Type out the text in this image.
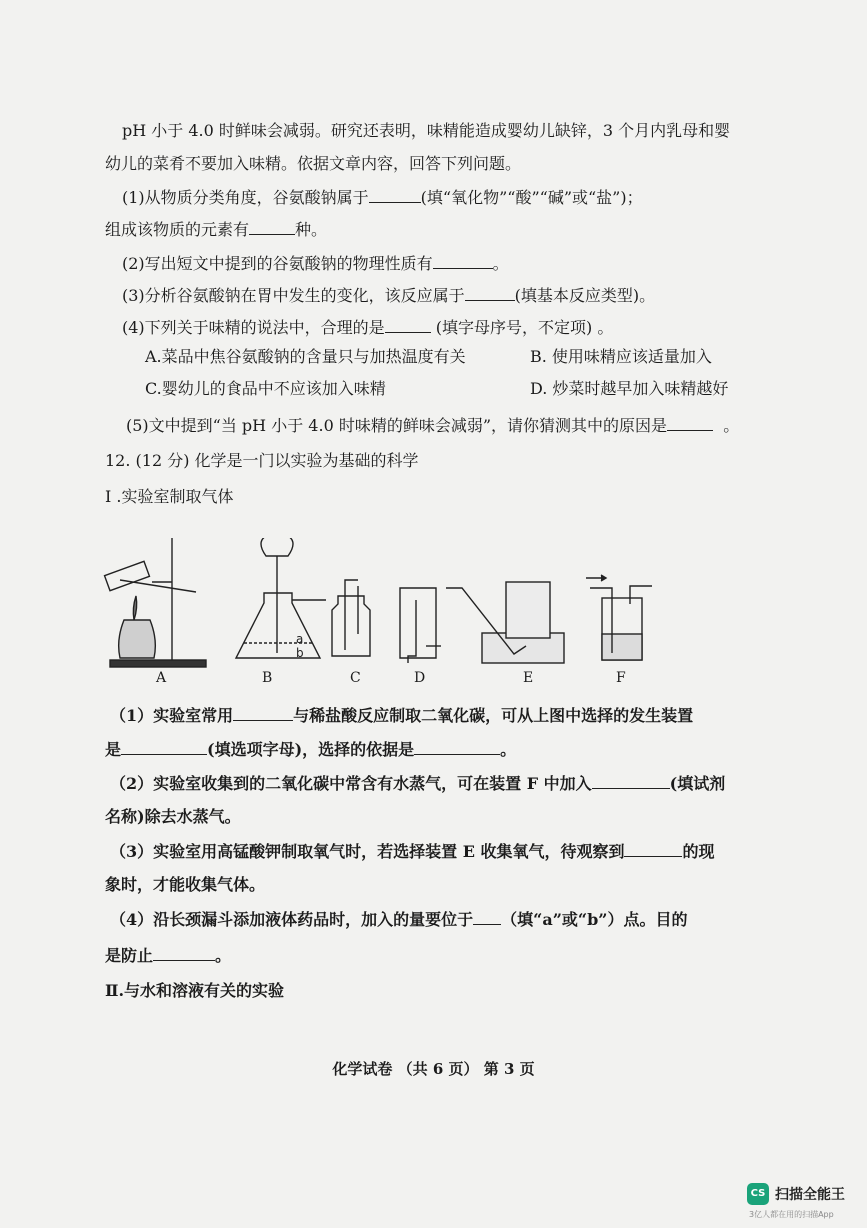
pH 小于 4.0 时鲜味会减弱。研究还表明，味精能造成婴幼儿缺锌，3 个月内乳母和婴
幼儿的菜肴不要加入味精。依据文章内容，回答下列问题。
(1)从物质分类角度，谷氨酸钠属于	(填“氧化物”“酸”“碱”或“盐”)；
组成该物质的元素有	种。
(2)写出短文中提到的谷氨酸钠的物理性质有	。
(3)分析谷氨酸钠在胃中发生的变化，该反应属于	(填基本反应类型)。
(4)下列关于味精的说法中，合理的是	(填字母序号，不定项) 。
A.菜品中焦谷氨酸钠的含量只与加热温度有关	B. 使用味精应该适量加入
C.婴幼儿的食品中不应该加入味精	D. 炒菜时越早加入味精越好
(5)文中提到“当 pH 小于 4.0 时味精的鲜味会减弱”，请你猜测其中的原因是	。
12. (12 分) 化学是一门以实验为基础的科学
I .实验室制取气体
a
b
A	B	C	D	E	F
（1）实验室常用	与稀盐酸反应制取二氧化碳，可从上图中选择的发生装置
是	(填选项字母)，选择的依据是	。
（2）实验室收集到的二氧化碳中常含有水蒸气，可在装置 F 中加入	(填试剂
名称)除去水蒸气。
（3）实验室用高锰酸钾制取氧气时，若选择装置 E 收集氧气，待观察到	的现
象时，才能收集气体。
（4）沿长颈漏斗添加液体药品时，加入的量要位于 （填“a”或“b”）点。目的
是防止	。
Ⅱ.与水和溶液有关的实验
化学试卷 （共 6 页） 第 3 页
CS 扫描全能王
3亿人都在用的扫描App
